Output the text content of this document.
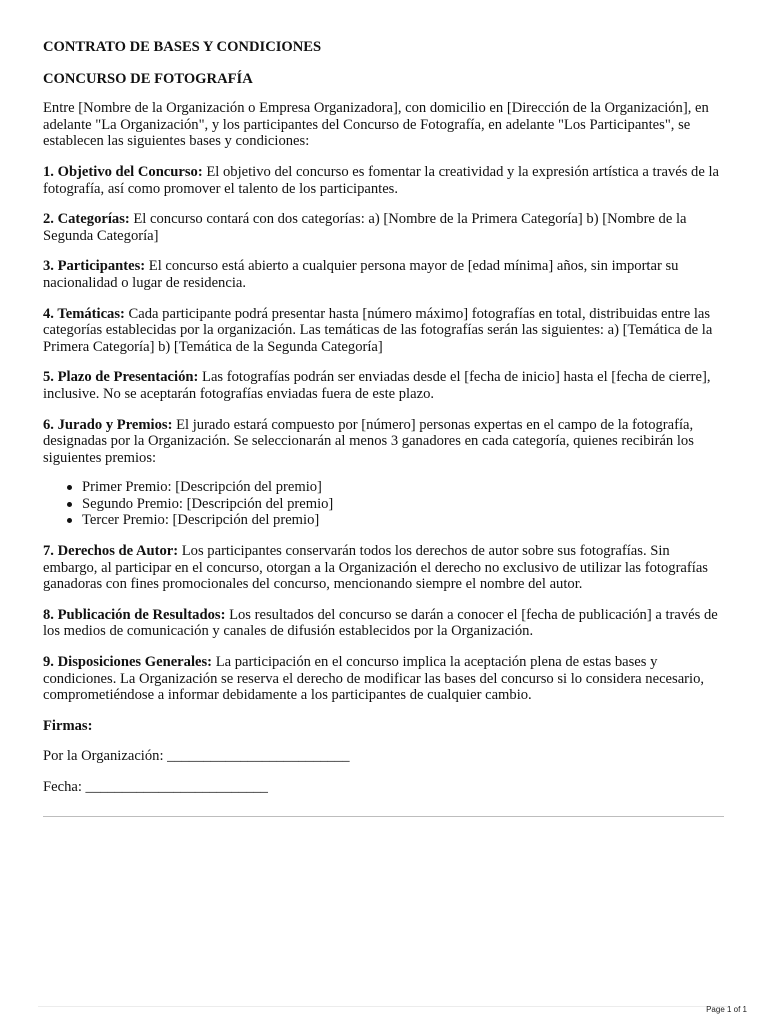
CONTRATO DE BASES Y CONDICIONES

CONCURSO DE FOTOGRAFÍA

Entre [Nombre de la Organización o Empresa Organizadora], con domicilio en [Dirección de la Organización], en adelante "La Organización", y los participantes del Concurso de Fotografía, en adelante "Los Participantes", se establecen las siguientes bases y condiciones:

1. Objetivo del Concurso: El objetivo del concurso es fomentar la creatividad y la expresión artística a través de la fotografía, así como promover el talento de los participantes.

2. Categorías: El concurso contará con dos categorías: a) [Nombre de la Primera Categoría] b) [Nombre de la Segunda Categoría]

3. Participantes: El concurso está abierto a cualquier persona mayor de [edad mínima] años, sin importar su nacionalidad o lugar de residencia.

4. Temáticas: Cada participante podrá presentar hasta [número máximo] fotografías en total, distribuidas entre las categorías establecidas por la organización. Las temáticas de las fotografías serán las siguientes: a) [Temática de la Primera Categoría] b) [Temática de la Segunda Categoría]

5. Plazo de Presentación: Las fotografías podrán ser enviadas desde el [fecha de inicio] hasta el [fecha de cierre], inclusive. No se aceptarán fotografías enviadas fuera de este plazo.

6. Jurado y Premios: El jurado estará compuesto por [número] personas expertas en el campo de la fotografía, designadas por la Organización. Se seleccionarán al menos 3 ganadores en cada categoría, quienes recibirán los siguientes premios:

Primer Premio: [Descripción del premio]
Segundo Premio: [Descripción del premio]
Tercer Premio: [Descripción del premio]

7. Derechos de Autor: Los participantes conservarán todos los derechos de autor sobre sus fotografías. Sin embargo, al participar en el concurso, otorgan a la Organización el derecho no exclusivo de utilizar las fotografías ganadoras con fines promocionales del concurso, mencionando siempre el nombre del autor.

8. Publicación de Resultados: Los resultados del concurso se darán a conocer el [fecha de publicación] a través de los medios de comunicación y canales de difusión establecidos por la Organización.

9. Disposiciones Generales: La participación en el concurso implica la aceptación plena de estas bases y condiciones. La Organización se reserva el derecho de modificar las bases del concurso si lo considera necesario, comprometiéndose a informar debidamente a los participantes de cualquier cambio.

Firmas:

Por la Organización: _________________________

Fecha: _________________________

Page 1 of 1
